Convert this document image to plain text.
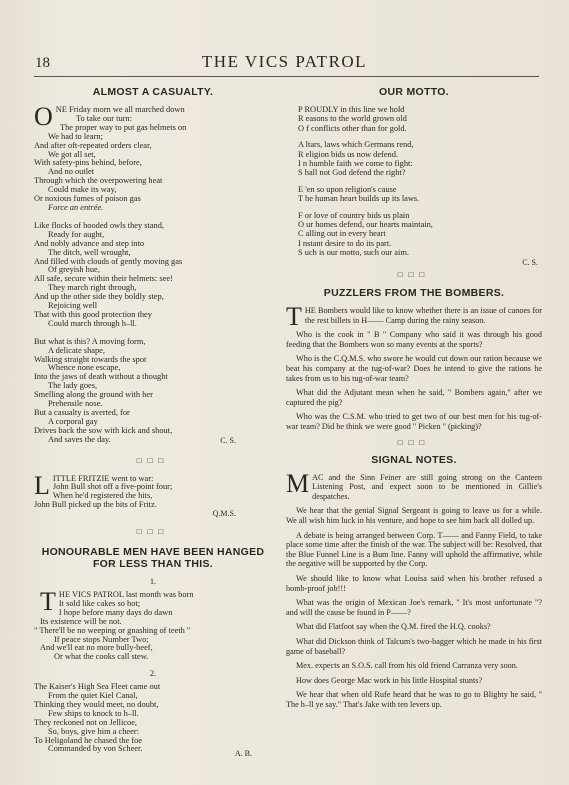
18	THE VICS PATROL
ALMOST A CASUALTY.
O NE Friday morn we all marched down
To take our turn:
The proper way to put gas helmets on
We had to learn;
And after oft-repeated orders clear,
We got all set,
With safety-pins behind, before,
And no outlet
Through which the overpowering heat
Could make its way,
Or noxious fumes of poison gas
Force an entrée.
Like flocks of hooded owls they stand,
Ready for aught,
And nobly advance and step into
The ditch, well wrought,
And filled with clouds of gently moving gas
Of greyish hue,
All safe, secure within their helmets: see!
They march right through,
And up the other side they boldly step,
Rejoicing well
That with this good protection they
Could march through h–ll.
But what is this? A moving form,
A delicate shape,
Walking straight towards the spot
Whence none escape,
Into the jaws of death without a thought
The lady goes,
Smelling along the ground with her
Prehensile nose.
But a casualty is averted, for
A corporal gay
Drives back the sow with kick and shout,
And saves the day.	C. S.
□□□
L ITTLE FRITZIE went to war:
John Bull shot off a five-point four;
When he'd registered the hits,
John Bull picked up the bits of Fritz.
Q.M.S.
□□□
HONOURABLE MEN HAVE BEEN HANGED
FOR LESS THAN THIS.
1.
T HE VICS PATROL last month was born
It sold like cakes so hot;
I hope before many days do dawn
Its existence will be not.
" There'll be no weeping or gnashing of teeth "
If peace stops Number Two;
And we'll eat no more bully-beef,
Or what the cooks call stew.
2.
The Kaiser's High Sea Fleet came out
From the quiet Kiel Canal,
Thinking they would meet, no doubt,
Few ships to knock to h–ll.
They reckoned not on Jellicoe,
So, boys, give him a cheer:
To Heligoland he chased the foe
Commanded by von Scheer.
A. B.
OUR MOTTO.
P ROUDLY in this line we hold
R easons to the world grown old
O f conflicts other than for gold.
A ltars, laws which Germans rend,
R eligion bids us now defend.
I n humble faith we come to fight:
S hall not God defend the right?
E 'en so upon religion's cause
T he human heart builds up its laws.
F or love of country bids us plain
O ur homes defend, our hearts maintain,
C alling out in every heart
I nstant desire to do its part.
S uch is our motto, such our aim.
C. S.
□□□
PUZZLERS FROM THE BOMBERS.

THE Bombers would like to know whether there is an issue of canoes for the rest billets in H—— Camp during the rainy season.

Who is the cook in " B " Company who said it was through his good feeding that the Bombers won so many events at the sports?

Who is the C.Q.M.S. who swore he would cut down our ration because we beat his company at the tug-of-war? Does he intend to give the rations he takes from us to his tug-of-war team?

What did the Adjutant mean when he said, " Bombers again," after we captured the pig?

Who was the C.S.M. who tried to get two of our best men for his tug-of-war team? Did he think we were good " Picken " (picking)?

□□□
SIGNAL NOTES.

MAC and the Sinn Feiner are still going strong on the Canteen Listening Post, and expect soon to be mentioned in Gillie's despatches.

We hear that the genial Signal Sergeant is going to leave us for a while. We all wish him luck in his venture, and hope to see him back all dolled up.

A debate is being arranged between Corp. T—— and Fanny Field, to take place some time after the finish of the war. The subject will be: Resolved, that the Blue Funnel Line is a Bum line. Fanny will uphold the affirmative, while the negative will be supported by the Corp.

We should like to know what Louisa said when his brother refused a bomb-proof job!!!

What was the origin of Mexican Joe's remark, " It's most unfortunate "? and will the cause be found in P——?

What did Flatfoot say when the Q.M. fired the H.Q. cooks?

What did Dickson think of Talcum's two-bagger which he made in his first game of baseball?

Mex. expects an S.O.S. call from his old friend Carranza very soon.

How does George Mac work in his little Hospital stunts?

We hear that when old Rufe heard that he was to go to Blighty he said, " The h–ll ye say." That's Jake with ten levers up.
